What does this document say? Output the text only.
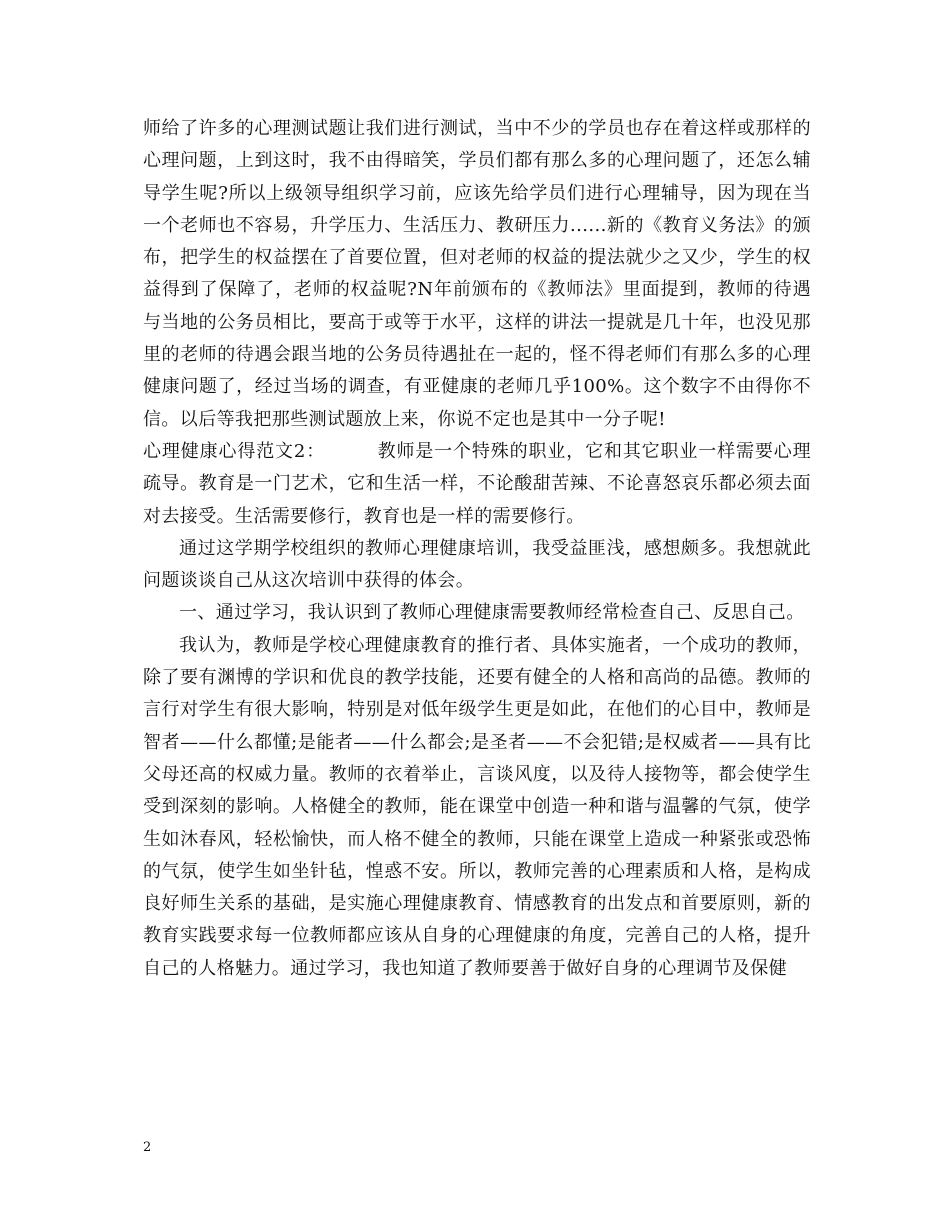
师给了许多的心理测试题让我们进行测试，当中不少的学员也存在着这样或那样的心理问题，上到这时，我不由得暗笑，学员们都有那么多的心理问题了，还怎么辅导学生呢?所以上级领导组织学习前，应该先给学员们进行心理辅导，因为现在当一个老师也不容易，升学压力、生活压力、教研压力......新的《教育义务法》的颁布，把学生的权益摆在了首要位置，但对老师的权益的提法就少之又少，学生的权益得到了保障了，老师的权益呢?N年前颁布的《教师法》里面提到，教师的待遇与当地的公务员相比，要高于或等于水平，这样的讲法一提就是几十年，也没见那里的老师的待遇会跟当地的公务员待遇扯在一起的，怪不得老师们有那么多的心理健康问题了，经过当场的调查，有亚健康的老师几乎100%。这个数字不由得你不信。以后等我把那些测试题放上来，你说不定也是其中一分子呢!

心理健康心得范文2：	教师是一个特殊的职业，它和其它职业一样需要心理疏导。教育是一门艺术，它和生活一样，不论酸甜苦辣、不论喜怒哀乐都必须去面对去接受。生活需要修行，教育也是一样的需要修行。

通过这学期学校组织的教师心理健康培训，我受益匪浅，感想颇多。我想就此问题谈谈自己从这次培训中获得的体会。

一、通过学习，我认识到了教师心理健康需要教师经常检查自己、反思自己。

我认为，教师是学校心理健康教育的推行者、具体实施者，一个成功的教师，除了要有渊博的学识和优良的教学技能，还要有健全的人格和高尚的品德。教师的言行对学生有很大影响，特别是对低年级学生更是如此，在他们的心目中，教师是智者——什么都懂;是能者——什么都会;是圣者——不会犯错;是权威者——具有比父母还高的权威力量。教师的衣着举止，言谈风度，以及待人接物等，都会使学生受到深刻的影响。人格健全的教师，能在课堂中创造一种和谐与温馨的气氛，使学生如沐春风，轻松愉快，而人格不健全的教师，只能在课堂上造成一种紧张或恐怖的气氛，使学生如坐针毡，惶惑不安。所以，教师完善的心理素质和人格，是构成良好师生关系的基础，是实施心理健康教育、情感教育的出发点和首要原则，新的教育实践要求每一位教师都应该从自身的心理健康的角度，完善自己的人格，提升自己的人格魅力。通过学习，我也知道了教师要善于做好自身的心理调节及保健

2
